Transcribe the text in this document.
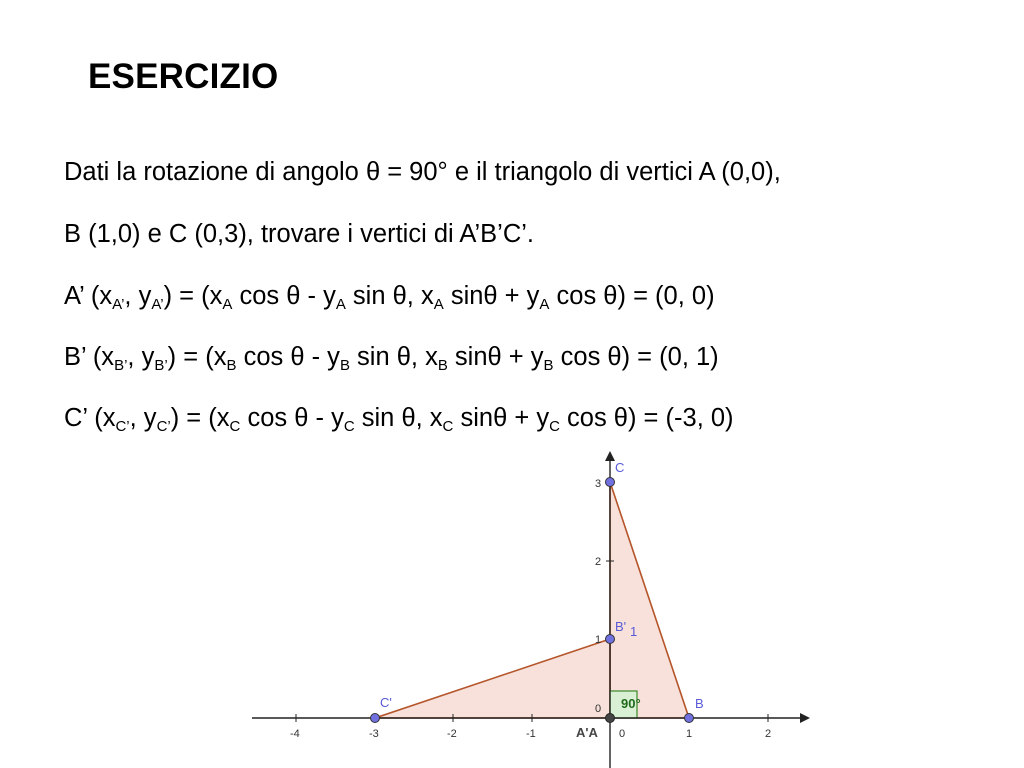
ESERCIZIO
Dati la rotazione di angolo θ = 90° e il triangolo di vertici A (0,0),
B (1,0) e C (0,3), trovare i vertici di A’B’C’.
A’ ($x_{A’}$, $y_{A’}) = (x_A$ cos θ - $y_A$ sin θ, $x_A$ $\sin\theta + y_A$ cos θ) = (0, 0)
B’ ($x_{B’}$, $y_{B’}) = (x_B$ cos θ - $y_B$ sin θ, $x_B$ $\sin\theta + y_B$ cos θ) = (0, 1)
C’ ($x_{C’}$, $y_{C’}) = (x_C$ cos θ - $y_C$ sin θ, $x_C$ $\sin\theta + y_C$ cos θ) = (-3, 0)
90°
-4	-3	-2	-1	0	1	2
1
2
3
0
C
B' 1
C'	B
A'A
